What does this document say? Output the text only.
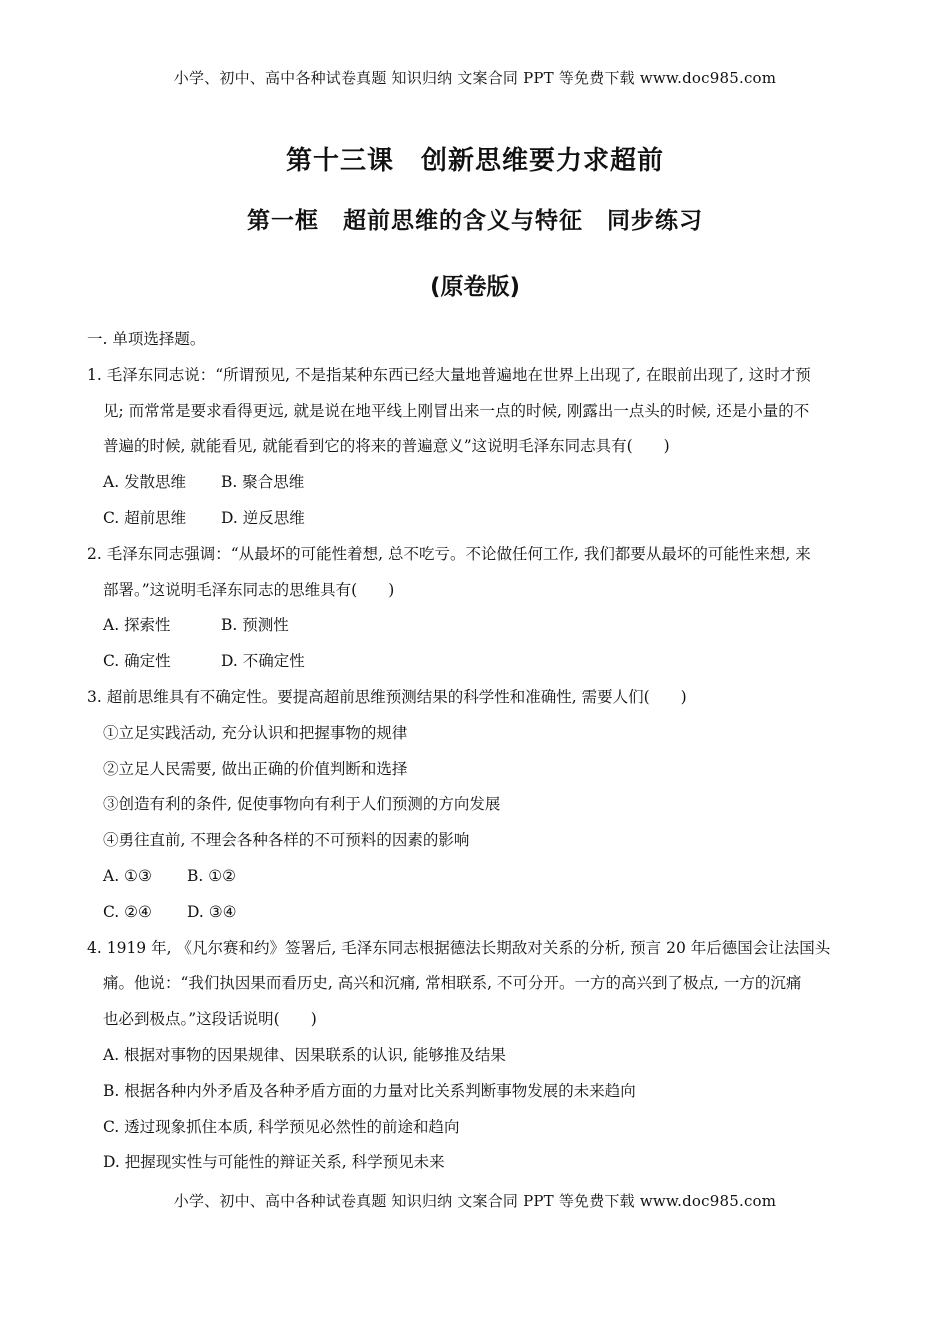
小学、初中、高中各种试卷真题 知识归纳 文案合同 PPT 等免费下载 www.doc985.com
第十三课　创新思维要力求超前
第一框　超前思维的含义与特征　同步练习
(原卷版)
一. 单项选择题。
1. 毛泽东同志说：“所谓预见, 不是指某种东西已经大量地普遍地在世界上出现了, 在眼前出现了, 这时才预
见; 而常常是要求看得更远, 就是说在地平线上刚冒出来一点的时候, 刚露出一点头的时候, 还是小量的不
普遍的时候, 就能看见, 就能看到它的将来的普遍意义”这说明毛泽东同志具有(　　)
A. 发散思维 B. 聚合思维
C. 超前思维 D. 逆反思维
2. 毛泽东同志强调：“从最坏的可能性着想, 总不吃亏。不论做任何工作, 我们都要从最坏的可能性来想, 来
部署。”这说明毛泽东同志的思维具有(　　)
A. 探索性	B. 预测性
C. 确定性	D. 不确定性
3. 超前思维具有不确定性。要提高超前思维预测结果的科学性和准确性, 需要人们(　　)
①立足实践活动, 充分认识和把握事物的规律
②立足人民需要, 做出正确的价值判断和选择
③创造有利的条件, 促使事物向有利于人们预测的方向发展
④勇往直前, 不理会各种各样的不可预料的因素的影响
A. ①③ B. ①②
C. ②④ D. ③④
4. 1919 年, 《凡尔赛和约》签署后, 毛泽东同志根据德法长期敌对关系的分析, 预言 20 年后德国会让法国头
痛。他说：“我们执因果而看历史, 高兴和沉痛, 常相联系, 不可分开。一方的高兴到了极点, 一方的沉痛
也必到极点。”这段话说明(　　)
A. 根据对事物的因果规律、因果联系的认识, 能够推及结果
B. 根据各种内外矛盾及各种矛盾方面的力量对比关系判断事物发展的未来趋向
C. 透过现象抓住本质, 科学预见必然性的前途和趋向
D. 把握现实性与可能性的辩证关系, 科学预见未来
小学、初中、高中各种试卷真题 知识归纳 文案合同 PPT 等免费下载 www.doc985.com
